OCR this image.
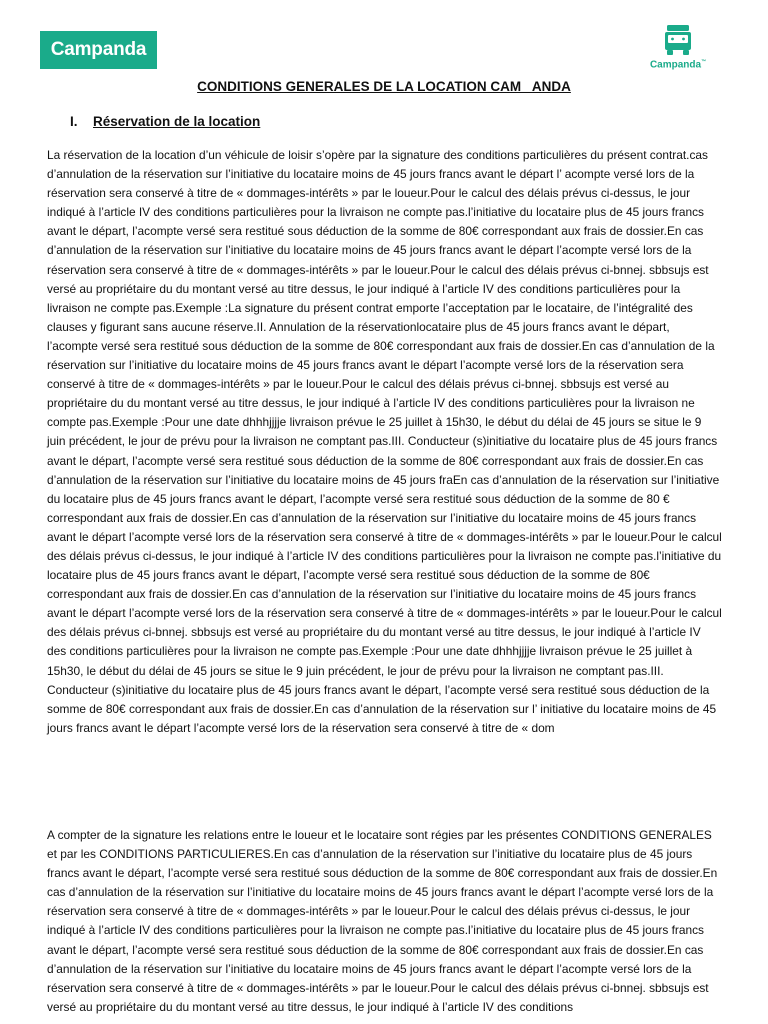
Campanda
Campanda™
CONDITIONS GENERALES DE LA LOCATION CAM   ANDA
I. Réservation de la location

La réservation de la location d’un véhicule de loisir s’opère par la signature des conditions particulières du présent contrat.cas d’annulation de la réservation sur l’initiative du locataire moins de 45 jours francs avant le départ l’ acompte versé lors de la réservation sera conservé à titre de « dommages-intérêts » par le loueur.Pour le calcul des délais prévus ci-dessus, le jour indiqué à l’article IV des conditions particulières pour la livraison ne compte pas.l’initiative du locataire plus de 45 jours francs avant le départ, l’acompte versé sera restitué sous déduction de la somme de 80€ correspondant aux frais de dossier.En cas d’annulation de la réservation sur l’initiative du locataire moins de 45 jours francs avant le départ l’acompte versé lors de la réservation sera conservé à titre de « dommages-intérêts » par le loueur.Pour le calcul des délais prévus ci-bnnej. sbbsujs est versé au propriétaire du du montant versé au titre dessus, le jour indiqué à l’article IV des conditions particulières pour la livraison ne compte pas.Exemple :La signature du présent contrat emporte l’acceptation par le locataire, de l’intégralité des clauses y figurant sans aucune réserve.II. Annulation de la réservationlocataire plus de 45 jours francs avant le départ, l’acompte versé sera restitué sous déduction de la somme de 80€ correspondant aux frais de dossier.En cas d’annulation de la réservation sur l’initiative du locataire moins de 45 jours francs avant le départ l’acompte versé lors de la réservation sera conservé à titre de « dommages-intérêts » par le loueur.Pour le calcul des délais prévus ci-bnnej. sbbsujs est versé au propriétaire du du montant versé au titre dessus, le jour indiqué à l’article IV des conditions particulières pour la livraison ne compte pas.Exemple :Pour une date dhhhjjjje livraison prévue le 25 juillet à 15h30, le début du délai de 45 jours se situe le 9 juin précédent, le jour de prévu pour la livraison ne comptant pas.III. Conducteur (s)initiative du locataire plus de 45 jours francs avant le départ, l’acompte versé sera restitué sous déduction de la somme de 80€ correspondant aux frais de dossier.En cas d’annulation de la réservation sur l’initiative du locataire moins de 45 jours fraEn cas d’annulation de la réservation sur l’initiative du locataire plus de 45 jours francs avant le départ, l’acompte versé sera restitué sous déduction de la somme de 80 € correspondant aux frais de dossier.En cas d’annulation de la réservation sur l’initiative du locataire moins de 45 jours francs avant le départ l’acompte versé lors de la réservation sera conservé à titre de « dommages-intérêts » par le loueur.Pour le calcul des délais prévus ci-dessus, le jour indiqué à l’article IV des conditions particulières pour la livraison ne compte pas.l’initiative du locataire plus de 45 jours francs avant le départ, l’acompte versé sera restitué sous déduction de la somme de 80€ correspondant aux frais de dossier.En cas d’annulation de la réservation sur l’initiative du locataire moins de 45 jours francs avant le départ l’acompte versé lors de la réservation sera conservé à titre de « dommages-intérêts » par le loueur.Pour le calcul des délais prévus ci-bnnej. sbbsujs est versé au propriétaire du du montant versé au titre dessus, le jour indiqué à l’article IV des conditions particulières pour la livraison ne compte pas.Exemple :Pour une date dhhhjjjje livraison prévue le 25 juillet à 15h30, le début du délai de 45 jours se situe le 9 juin précédent, le jour de prévu pour la livraison ne comptant pas.III. Conducteur (s)initiative du locataire plus de 45 jours francs avant le départ, l’acompte versé sera restitué sous déduction de la somme de 80€ correspondant aux frais de dossier.En cas d’annulation de la réservation sur l’ initiative du locataire moins de 45 jours francs avant le départ l’acompte versé lors de la réservation sera conservé à titre de « dom

A compter de la signature les relations entre le loueur et le locataire sont régies par les présentes CONDITIONS GENERALES et par les CONDITIONS PARTICULIERES.En cas d’annulation de la réservation sur l’initiative du locataire plus de 45 jours francs avant le départ, l’acompte versé sera restitué sous déduction de la somme de 80€ correspondant aux frais de dossier.En cas d’annulation de la réservation sur l’initiative du locataire moins de 45 jours francs avant le départ l’acompte versé lors de la réservation sera conservé à titre de « dommages-intérêts » par le loueur.Pour le calcul des délais prévus ci-dessus, le jour indiqué à l’article IV des conditions particulières pour la livraison ne compte pas.l’initiative du locataire plus de 45 jours francs avant le départ, l’acompte versé sera restitué sous déduction de la somme de 80€ correspondant aux frais de dossier.En cas d’annulation de la réservation sur l’initiative du locataire moins de 45 jours francs avant le départ l’acompte versé lors de la réservation sera conservé à titre de « dommages-intérêts » par le loueur.Pour le calcul des délais prévus ci-bnnej. sbbsujs est versé au propriétaire du du montant versé au titre dessus, le jour indiqué à l’article IV des conditions
